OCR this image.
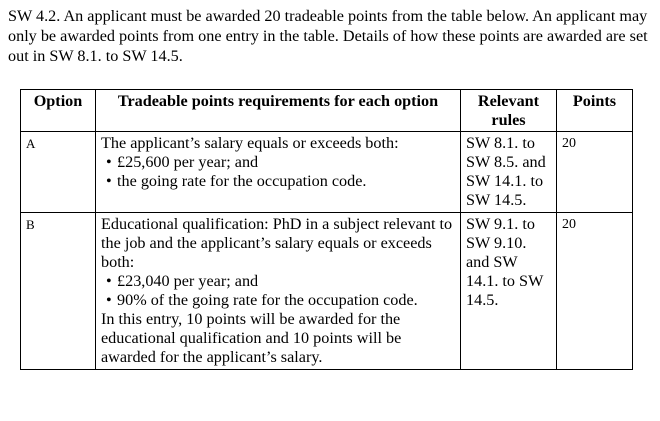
SW 4.2. An applicant must be awarded 20 tradeable points from the table below. An applicant may only be awarded points from one entry in the table. Details of how these points are awarded are set out in SW 8.1. to SW 14.5.

Option	Tradeable points requirements for each option	Relevant rules	Points
A	The applicant’s salary equals or exceeds both:
• £25,600 per year; and
• the going rate for the occupation code.	SW 8.1. to SW 8.5. and SW 14.1. to SW 14.5.	20
B	Educational qualification: PhD in a subject relevant to the job and the applicant’s salary equals or exceeds both:
• £23,040 per year; and
• 90% of the going rate for the occupation code.
In this entry, 10 points will be awarded for the educational qualification and 10 points will be awarded for the applicant’s salary.	SW 9.1. to SW 9.10. and SW 14.1. to SW 14.5.	20
